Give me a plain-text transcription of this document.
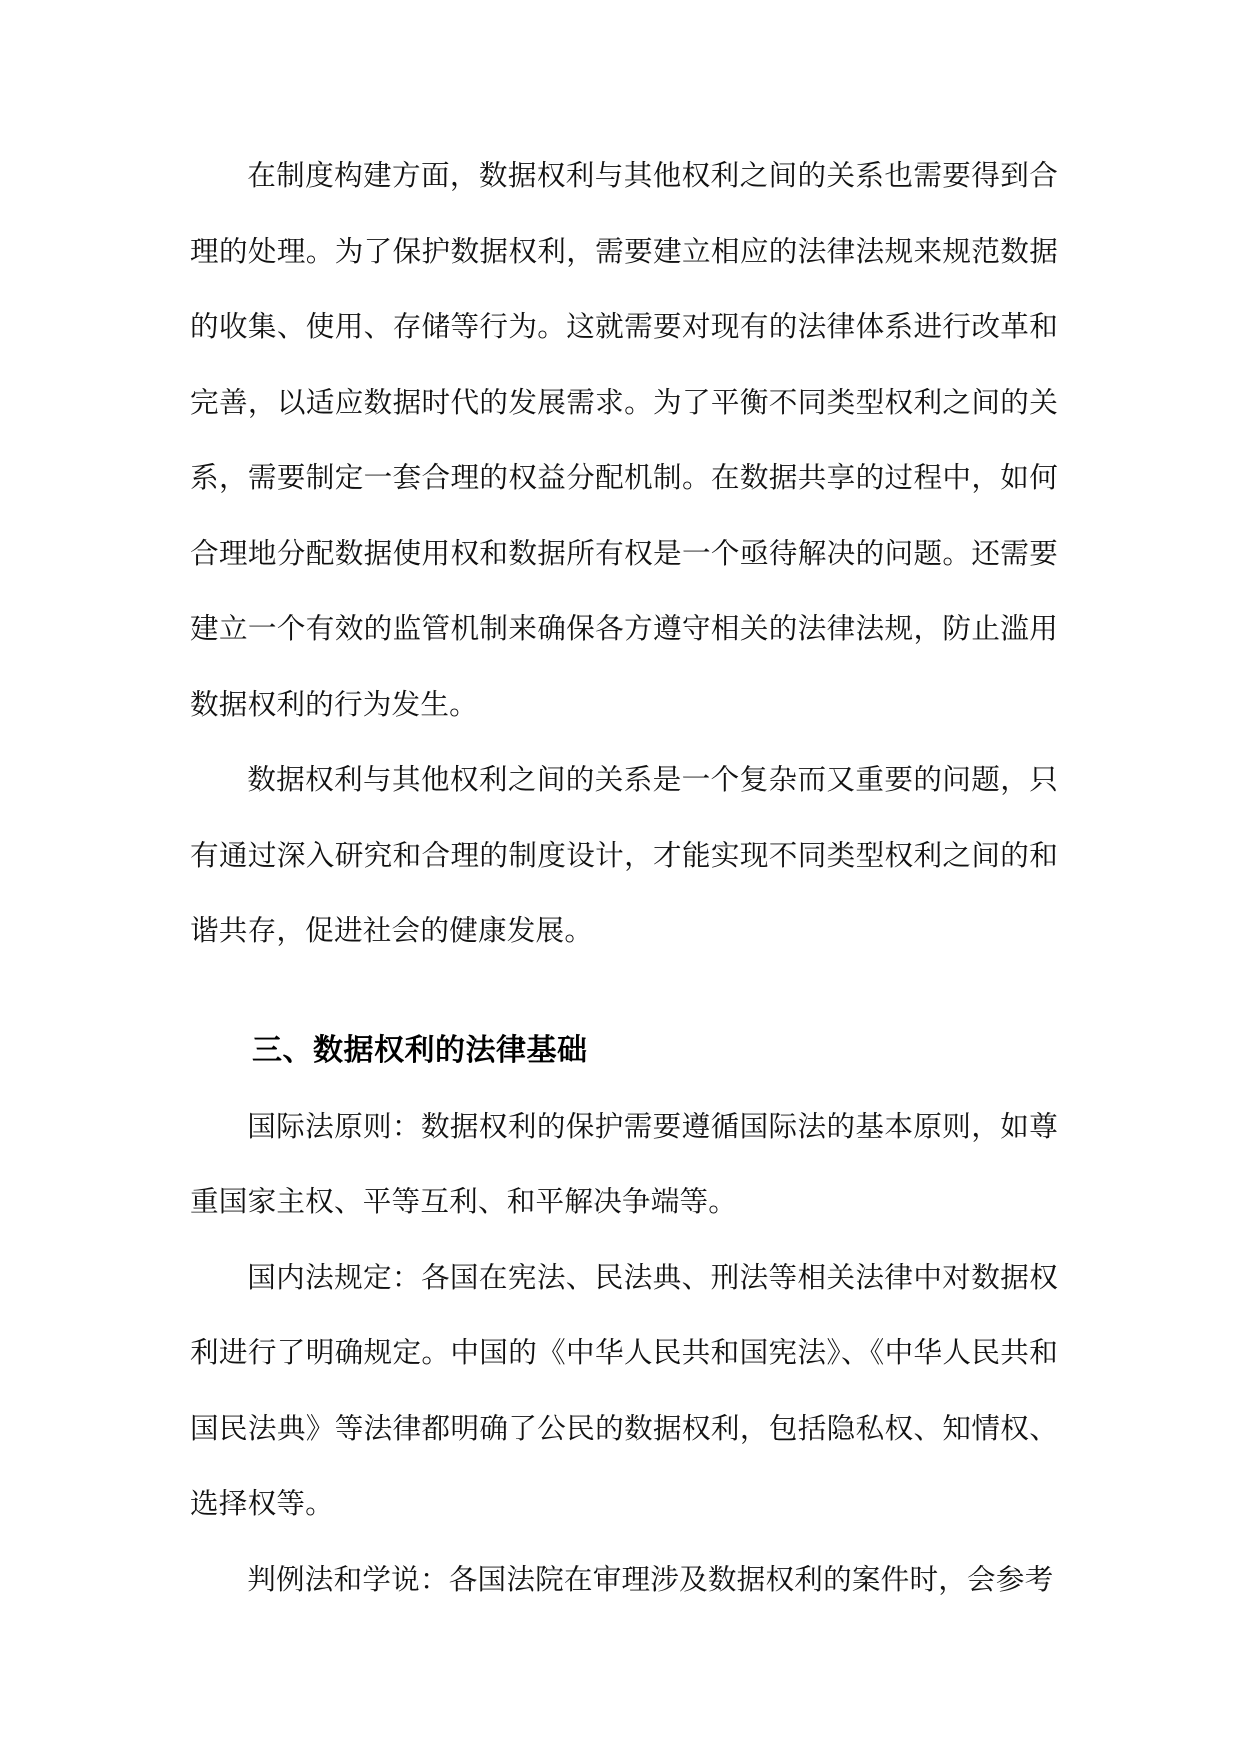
在制度构建方面，数据权利与其他权利之间的关系也需要得到合理的处理。为了保护数据权利，需要建立相应的法律法规来规范数据的收集、使用、存储等行为。这就需要对现有的法律体系进行改革和完善，以适应数据时代的发展需求。为了平衡不同类型权利之间的关系，需要制定一套合理的权益分配机制。在数据共享的过程中，如何合理地分配数据使用权和数据所有权是一个亟待解决的问题。还需要建立一个有效的监管机制来确保各方遵守相关的法律法规，防止滥用数据权利的行为发生。

数据权利与其他权利之间的关系是一个复杂而又重要的问题，只有通过深入研究和合理的制度设计，才能实现不同类型权利之间的和谐共存，促进社会的健康发展。

三、数据权利的法律基础

国际法原则：数据权利的保护需要遵循国际法的基本原则，如尊重国家主权、平等互利、和平解决争端等。

国内法规定：各国在宪法、民法典、刑法等相关法律中对数据权利进行了明确规定。中国的《中华人民共和国宪法》、《中华人民共和国民法典》等法律都明确了公民的数据权利，包括隐私权、知情权、选择权等。

判例法和学说：各国法院在审理涉及数据权利的案件时，会参考
